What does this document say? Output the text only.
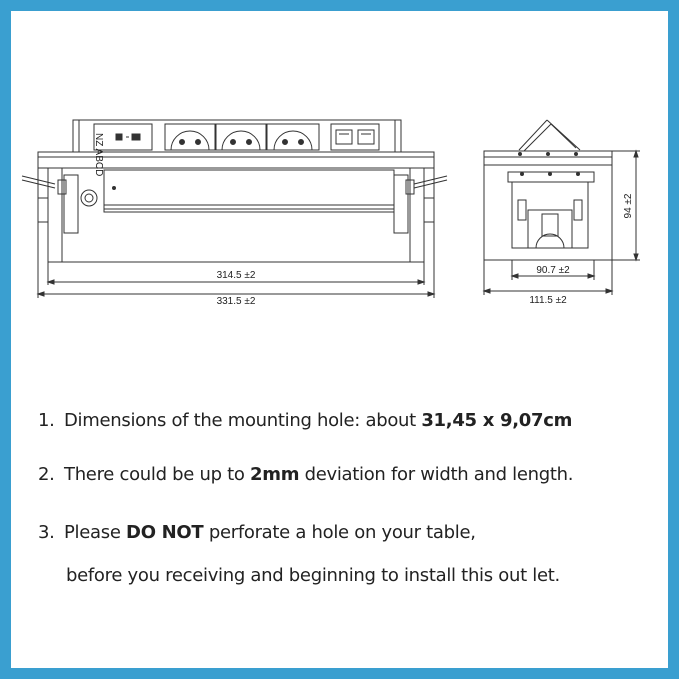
NZ ABCD
314.5 ±2
331.5 ±2
90.7 ±2
111.5 ±2
94 ±2
1. Dimensions of the mounting hole: about 31,45 x 9,07cm
2. There could be up to 2mm deviation for width and length.
3. Please DO NOT perforate a hole on your table,
before you receiving and beginning to install this out let.
